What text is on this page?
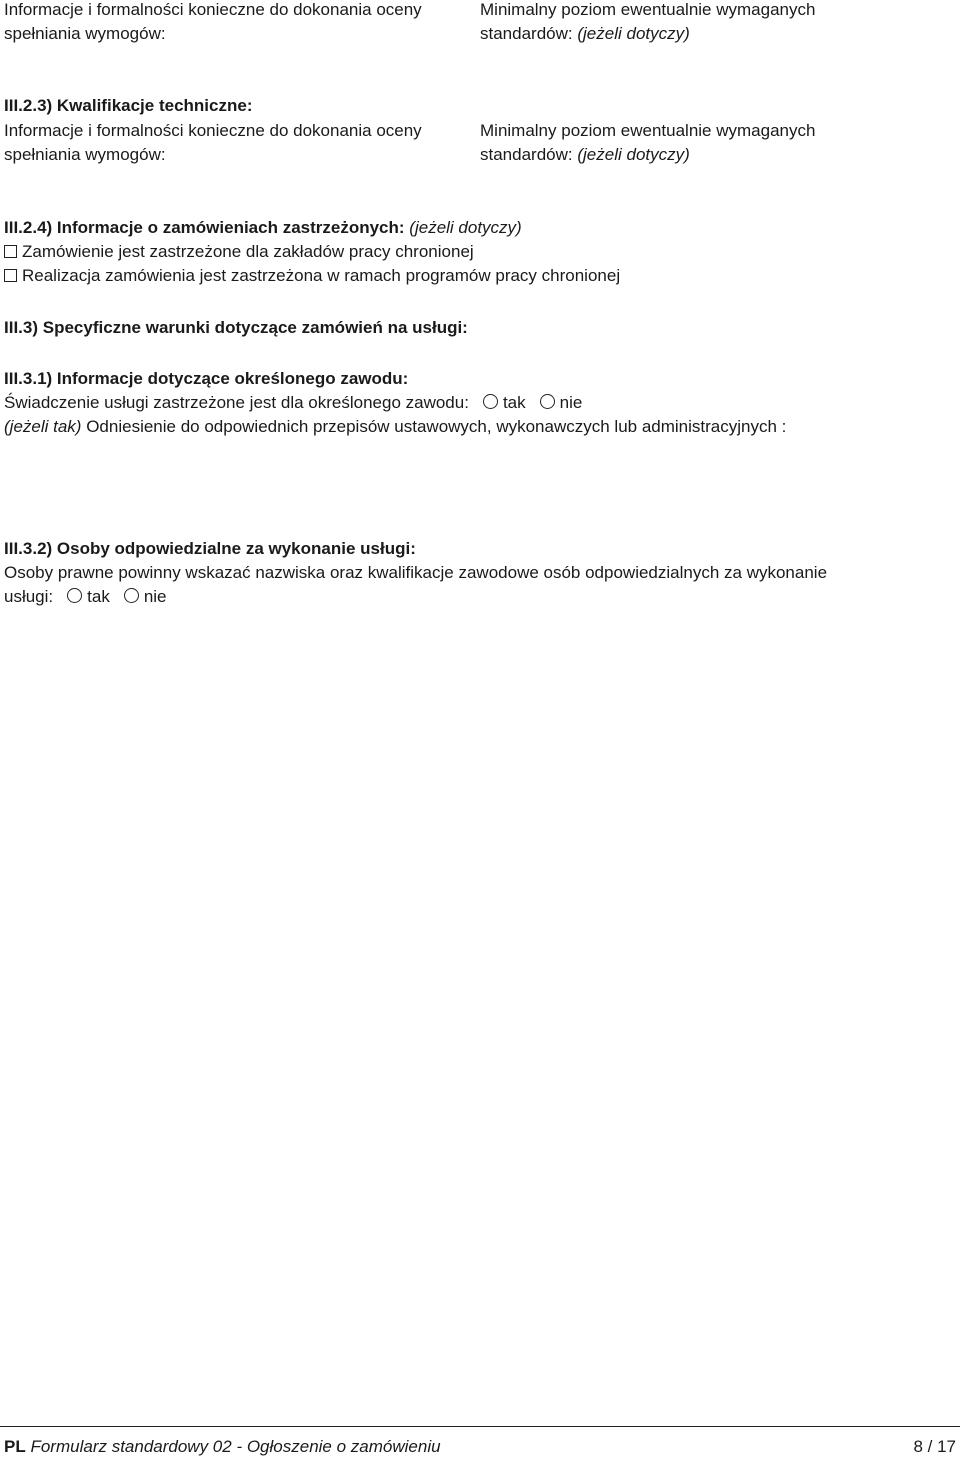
Informacje i formalności konieczne do dokonania oceny	Minimalny poziom ewentualnie wymaganych
spełniania wymogów:	standardów: (jeżeli dotyczy)
III.2.3) Kwalifikacje techniczne:
Informacje i formalności konieczne do dokonania oceny	Minimalny poziom ewentualnie wymaganych
spełniania wymogów:	standardów: (jeżeli dotyczy)
III.2.4) Informacje o zamówieniach zastrzeżonych: (jeżeli dotyczy)
Zamówienie jest zastrzeżone dla zakładów pracy chronionej
Realizacja zamówienia jest zastrzeżona w ramach programów pracy chronionej
III.3) Specyficzne warunki dotyczące zamówień na usługi:
III.3.1) Informacje dotyczące określonego zawodu:
Świadczenie usługi zastrzeżone jest dla określonego zawodu: tak nie
(jeżeli tak) Odniesienie do odpowiednich przepisów ustawowych, wykonawczych lub administracyjnych :
III.3.2) Osoby odpowiedzialne za wykonanie usługi:
Osoby prawne powinny wskazać nazwiska oraz kwalifikacje zawodowe osób odpowiedzialnych za wykonanie
usługi: tak nie
PL Formularz standardowy 02 - Ogłoszenie o zamówieniu	8 / 17
